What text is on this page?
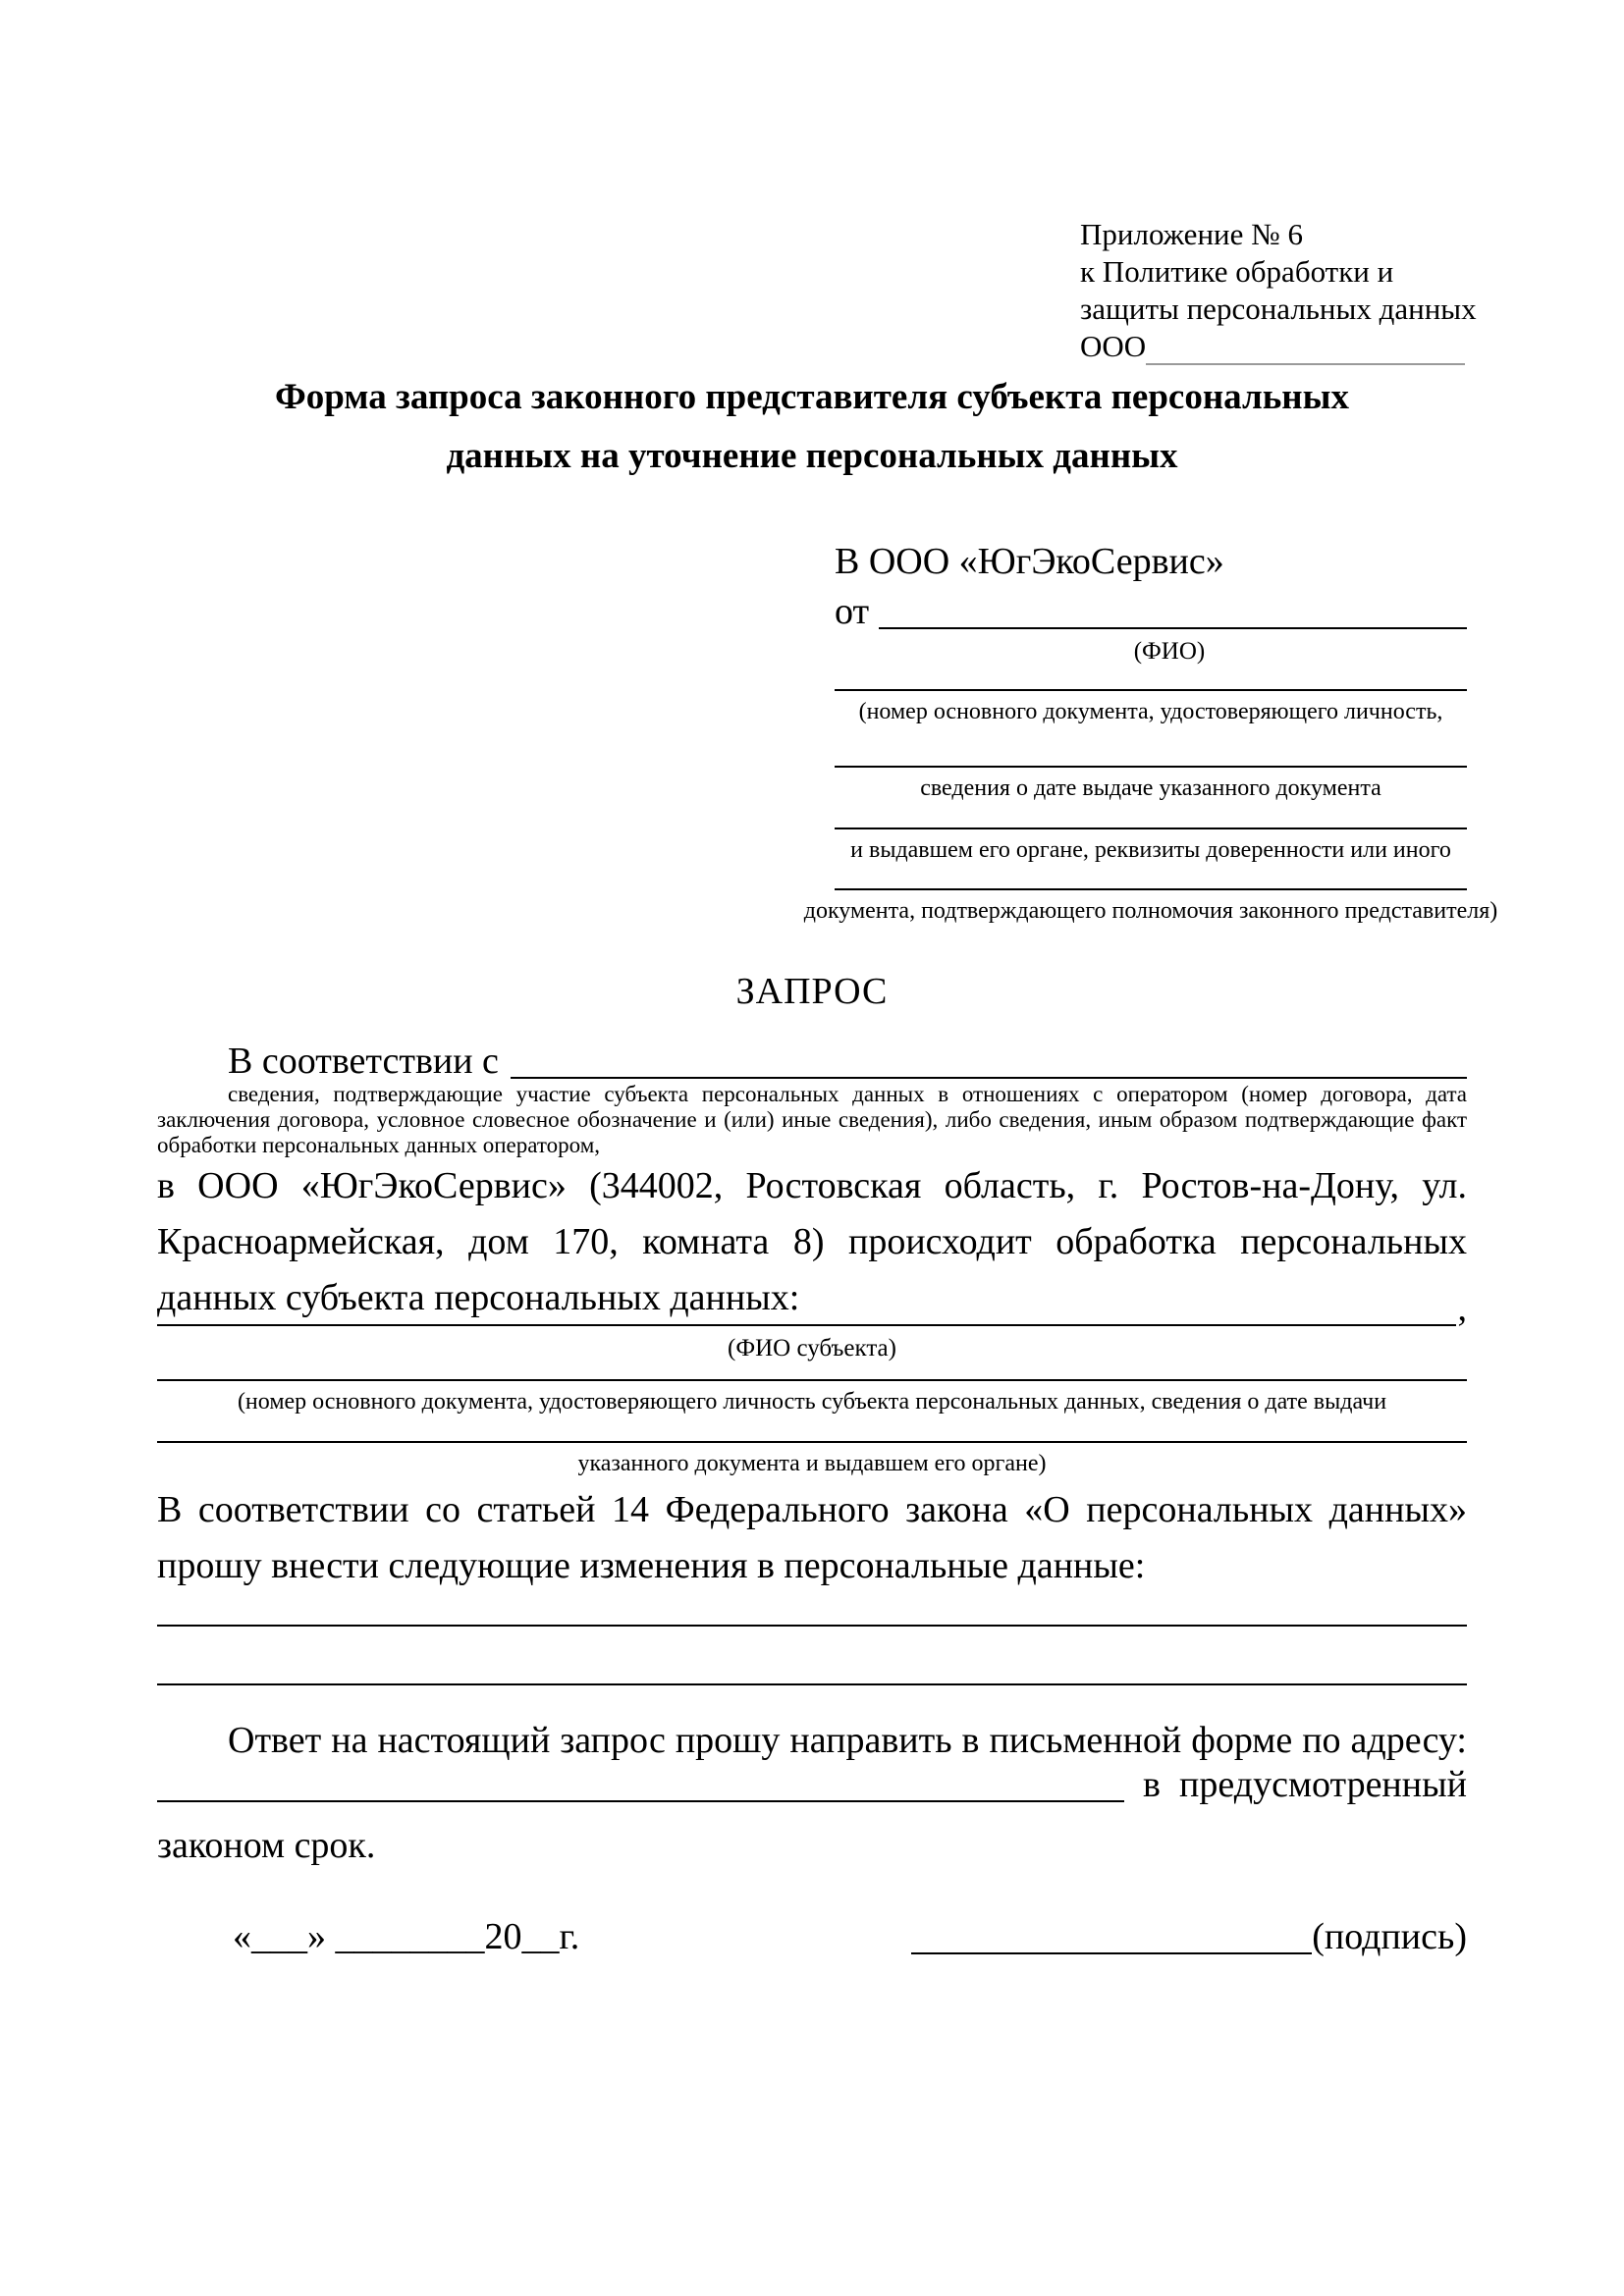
Приложение № 6
к Политике обработки и
защиты персональных данных
ООО
Форма запроса законного представителя субъекта персональных
данных на уточнение персональных данных
В ООО «ЮгЭкоСервис»
от
(ФИО)
(номер основного документа, удостоверяющего личность,
сведения о дате выдаче указанного документа
и выдавшем его органе, реквизиты доверенности или иного
документа, подтверждающего полномочия законного представителя)
ЗАПРОС
В соответствии с
сведения, подтверждающие участие субъекта персональных данных в отношениях с оператором (номер договора, дата заключения договора, условное словесное обозначение и (или) иные сведения), либо сведения, иным образом подтверждающие факт обработки персональных данных оператором,
в ООО «ЮгЭкоСервис» (344002, Ростовская область, г. Ростов-на-Дону, ул. Красноармейская, дом 170, комната 8) происходит обработка персональных данных субъекта персональных данных:	,
(ФИО субъекта)
(номер основного документа, удостоверяющего личность субъекта персональных данных, сведения о дате выдачи
указанного документа и выдавшем его органе)
В соответствии со статьей 14 Федерального закона «О персональных данных» прошу внести следующие изменения в персональные данные:
Ответ на настоящий запрос прошу направить в письменной форме по адресу:
в предусмотренный
законом срок.
«___» ________20__г.	(подпись)
